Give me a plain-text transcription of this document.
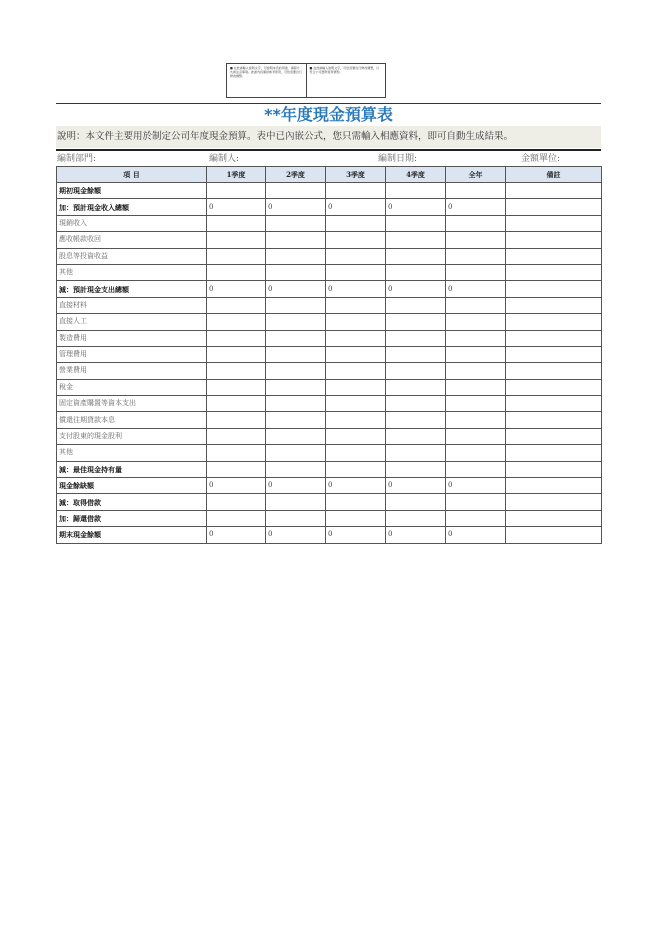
■ 在此處輸入說明文字，可說明本表的用途、填寫方式或注意事項。此處內容僅供參考使用，可依需要自行修改調整。
■ 在此處輸入說明文字，可依需要自行修改調整，以符合公司實際使用情形。
**年度現金預算表
說明：本文件主要用於制定公司年度現金預算。表中已內嵌公式，您只需輸入相應資料，即可自動生成結果。
編制部門:	編制人:	編制日期:	金額單位:
項 目	1季度	2季度	3季度	4季度	全年	備註
期初現金餘額						
加：預計現金收入總額	0	0	0	0	0	
現銷收入						
應收帳款收回						
股息等投資收益						
其他						
減：預計現金支出總額	0	0	0	0	0	
直接材料						
直接人工						
製造費用						
管理費用						
營業費用						
稅金						
固定資產購置等資本支出						
償還往期貸款本息						
支付股東的現金股利						
其他						
減：最佳現金持有量						
現金餘缺額	0	0	0	0	0	
減：取得借款						
加：歸還借款						
期末現金餘額	0	0	0	0	0	
